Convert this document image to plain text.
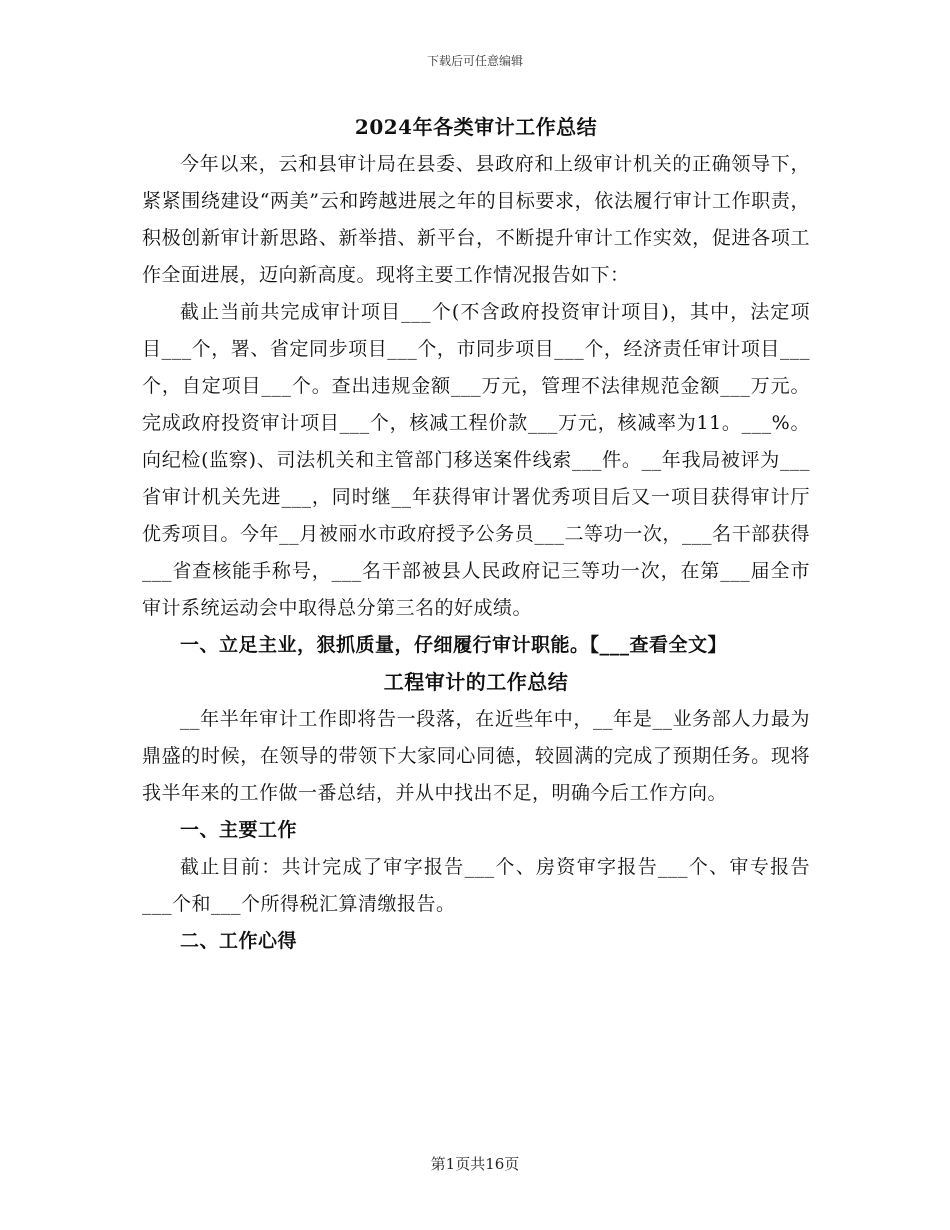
下载后可任意编辑

2024年各类审计工作总结

今年以来，云和县审计局在县委、县政府和上级审计机关的正确领导下，紧紧围绕建设“两美”云和跨越进展之年的目标要求，依法履行审计工作职责，积极创新审计新思路、新举措、新平台，不断提升审计工作实效，促进各项工作全面进展，迈向新高度。现将主要工作情况报告如下：

截止当前共完成审计项目___个(不含政府投资审计项目)，其中，法定项目___个，署、省定同步项目___个，市同步项目___个，经济责任审计项目___个，自定项目___个。查出违规金额___万元，管理不法律规范金额___万元。完成政府投资审计项目___个，核减工程价款___万元，核减率为11。___%。向纪检(监察)、司法机关和主管部门移送案件线索___件。__年我局被评为___省审计机关先进___，同时继__年获得审计署优秀项目后又一项目获得审计厅优秀项目。今年__月被丽水市政府授予公务员___二等功一次，___名干部获得___省查核能手称号，___名干部被县人民政府记三等功一次，在第___届全市审计系统运动会中取得总分第三名的好成绩。

一、立足主业，狠抓质量，仔细履行审计职能。【___查看全文】

工程审计的工作总结

__年半年审计工作即将告一段落，在近些年中，__年是__业务部人力最为鼎盛的时候，在领导的带领下大家同心同德，较圆满的完成了预期任务。现将我半年来的工作做一番总结，并从中找出不足，明确今后工作方向。

一、主要工作

截止目前：共计完成了审字报告___个、房资审字报告___个、审专报告___个和___个所得税汇算清缴报告。

二、工作心得

第1页共16页
